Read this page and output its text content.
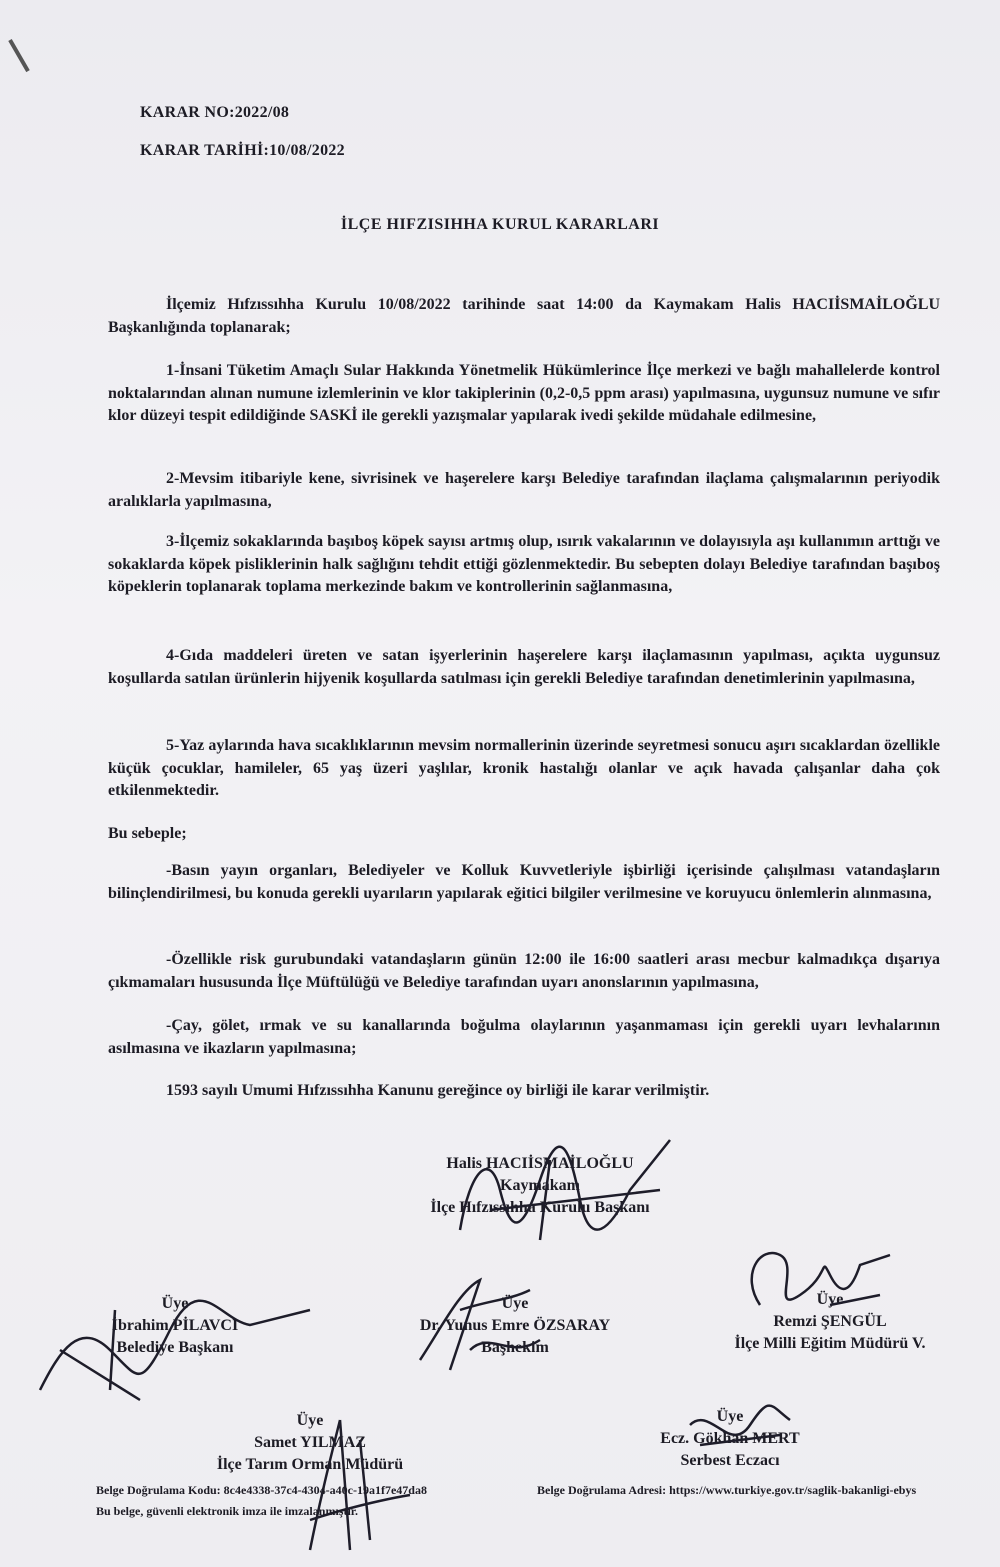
KARAR NO:2022/08
KARAR TARİHİ:10/08/2022
İLÇE HIFZISIHHA KURUL KARARLARI
İlçemiz Hıfzıssıhha Kurulu 10/08/2022 tarihinde saat 14:00 da Kaymakam Halis HACIİSMAİLOĞLU Başkanlığında toplanarak;
1-İnsani Tüketim Amaçlı Sular Hakkında Yönetmelik Hükümlerince İlçe merkezi ve bağlı mahallelerde kontrol noktalarından alınan numune izlemlerinin ve klor takiplerinin (0,2-0,5 ppm arası) yapılmasına, uygunsuz numune ve sıfır klor düzeyi tespit edildiğinde SASKİ ile gerekli yazışmalar yapılarak ivedi şekilde müdahale edilmesine,
2-Mevsim itibariyle kene, sivrisinek ve haşerelere karşı Belediye tarafından ilaçlama çalışmalarının periyodik aralıklarla yapılmasına,
3-İlçemiz sokaklarında başıboş köpek sayısı artmış olup, ısırık vakalarının ve dolayısıyla aşı kullanımın arttığı ve sokaklarda köpek pisliklerinin halk sağlığını tehdit ettiği gözlenmektedir. Bu sebepten dolayı Belediye tarafından başıboş köpeklerin toplanarak toplama merkezinde bakım ve kontrollerinin sağlanmasına,
4-Gıda maddeleri üreten ve satan işyerlerinin haşerelere karşı ilaçlamasının yapılması, açıkta uygunsuz koşullarda satılan ürünlerin hijyenik koşullarda satılması için gerekli Belediye tarafından denetimlerinin yapılmasına,
5-Yaz aylarında hava sıcaklıklarının mevsim normallerinin üzerinde seyretmesi sonucu aşırı sıcaklardan özellikle küçük çocuklar, hamileler, 65 yaş üzeri yaşlılar, kronik hastalığı olanlar ve açık havada çalışanlar daha çok etkilenmektedir.
Bu sebeple;
-Basın yayın organları, Belediyeler ve Kolluk Kuvvetleriyle işbirliği içerisinde çalışılması vatandaşların bilinçlendirilmesi, bu konuda gerekli uyarıların yapılarak eğitici bilgiler verilmesine ve koruyucu önlemlerin alınmasına,
-Özellikle risk gurubundaki vatandaşların günün 12:00 ile 16:00 saatleri arası mecbur kalmadıkça dışarıya çıkmamaları hususunda İlçe Müftülüğü ve Belediye tarafından uyarı anonslarının yapılmasına,
-Çay, gölet, ırmak ve su kanallarında boğulma olaylarının yaşanmaması için gerekli uyarı levhalarının asılmasına ve ikazların yapılmasına;
1593 sayılı Umumi Hıfzıssıhha Kanunu gereğince oy birliği ile karar verilmiştir.
Halis HACIİSMAİLOĞLU
Kaymakam
İlçe Hıfzıssıhha Kurulu Başkanı
Üye
İbrahim PİLAVCI
Belediye Başkanı
Üye
Dr. Yunus Emre ÖZSARAY
Başhekim
Üye
Remzi ŞENGÜL
İlçe Milli Eğitim Müdürü V.
Üye
Samet YILMAZ
İlçe Tarım Orman Müdürü
Üye
Ecz. Gökhan MERT
Serbest Eczacı
Belge Doğrulama Kodu: 8c4e4338-37c4-4304-a40c-19a1f7e47da8	Belge Doğrulama Adresi: https://www.turkiye.gov.tr/saglik-bakanligi-ebys
Bu belge, güvenli elektronik imza ile imzalanmıştır.
